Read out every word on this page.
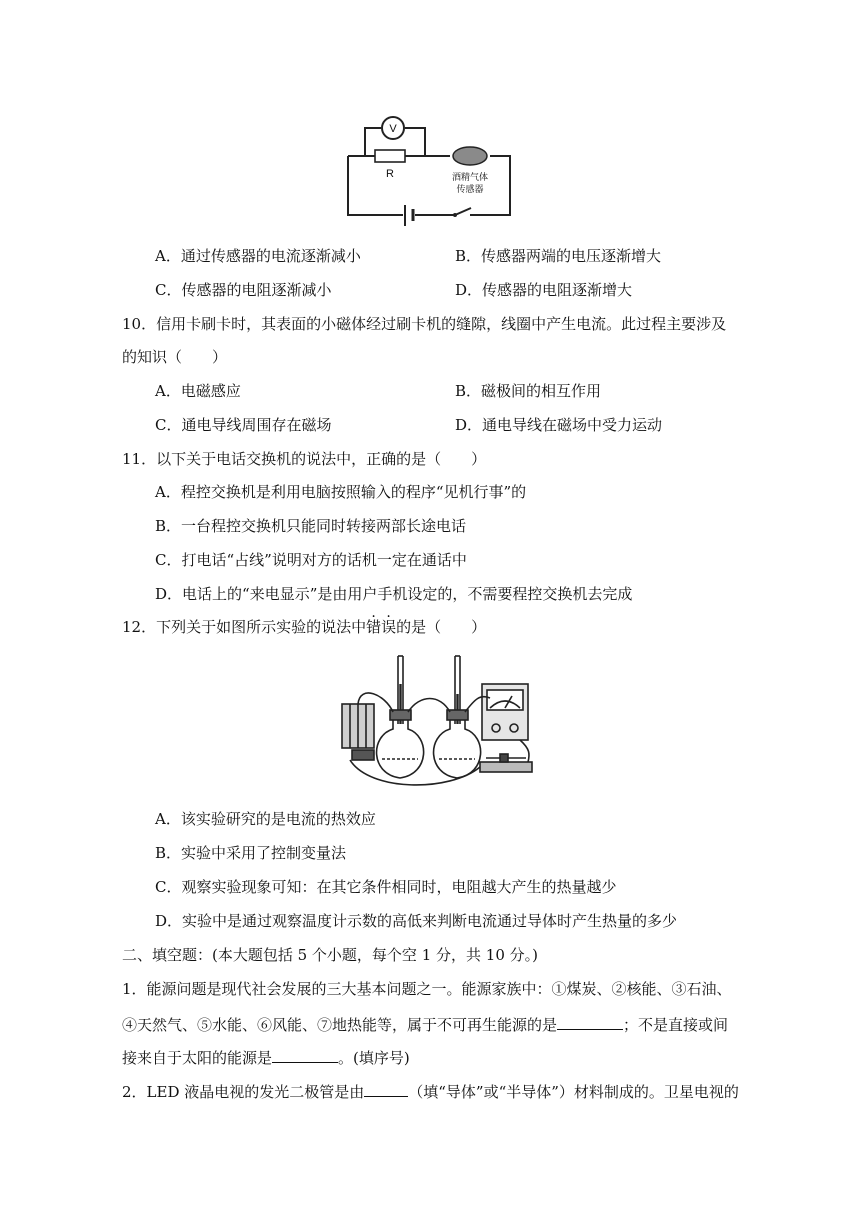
V
R	酒精气体
传感器
A．通过传感器的电流逐渐减小	B．传感器两端的电压逐渐增大
C．传感器的电阻逐渐减小	D．传感器的电阻逐渐增大
10．信用卡刷卡时，其表面的小磁体经过刷卡机的缝隙，线圈中产生电流。此过程主要涉及
的知识（　　）
A．电磁感应	B．磁极间的相互作用
C．通电导线周围存在磁场	D．通电导线在磁场中受力运动
11．以下关于电话交换机的说法中，正确的是（　　）
A．程控交换机是利用电脑按照输入的程序“见机行事”的
B．一台程控交换机只能同时转接两部长途电话
C．打电话“占线”说明对方的话机一定在通话中
D．电话上的“来电显示”是由用户手机设定的，不需要程控交换机去完成
12．下列关于如图所示实验的说法中错误的是（　　）
A．该实验研究的是电流的热效应
B．实验中采用了控制变量法
C．观察实验现象可知：在其它条件相同时，电阻越大产生的热量越少
D．实验中是通过观察温度计示数的高低来判断电流通过导体时产生热量的多少
二、填空题：(本大题包括 5 个小题，每个空 1 分，共 10 分。)
1．能源问题是现代社会发展的三大基本问题之一。能源家族中：①煤炭、②核能、③石油、
④天然气、⑤水能、⑥风能、⑦地热能等，属于不可再生能源的是	；不是直接或间
接来自于太阳的能源是	。(填序号)
2．LED 液晶电视的发光二极管是由	（填“导体”或“半导体”）材料制成的。卫星电视的
